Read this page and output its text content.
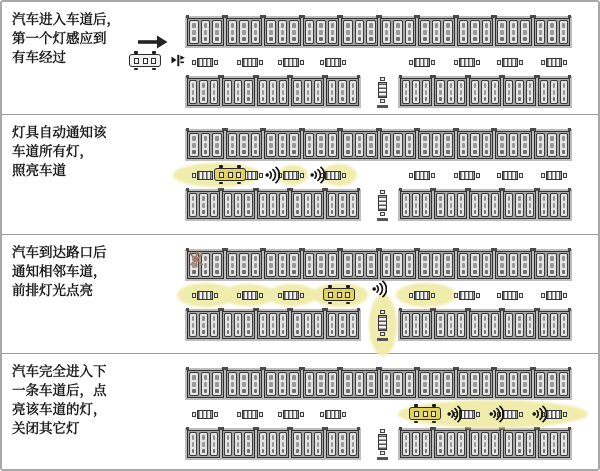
汽车进入车道后，
第一个灯感应到
有车经过
灯具自动通知该
车道所有灯，
照亮车道
汽车到达路口后
通知相邻车道，
前排灯光点亮
汽车完全进入下
一条车道后，点
亮该车道的灯，
关闭其它灯
